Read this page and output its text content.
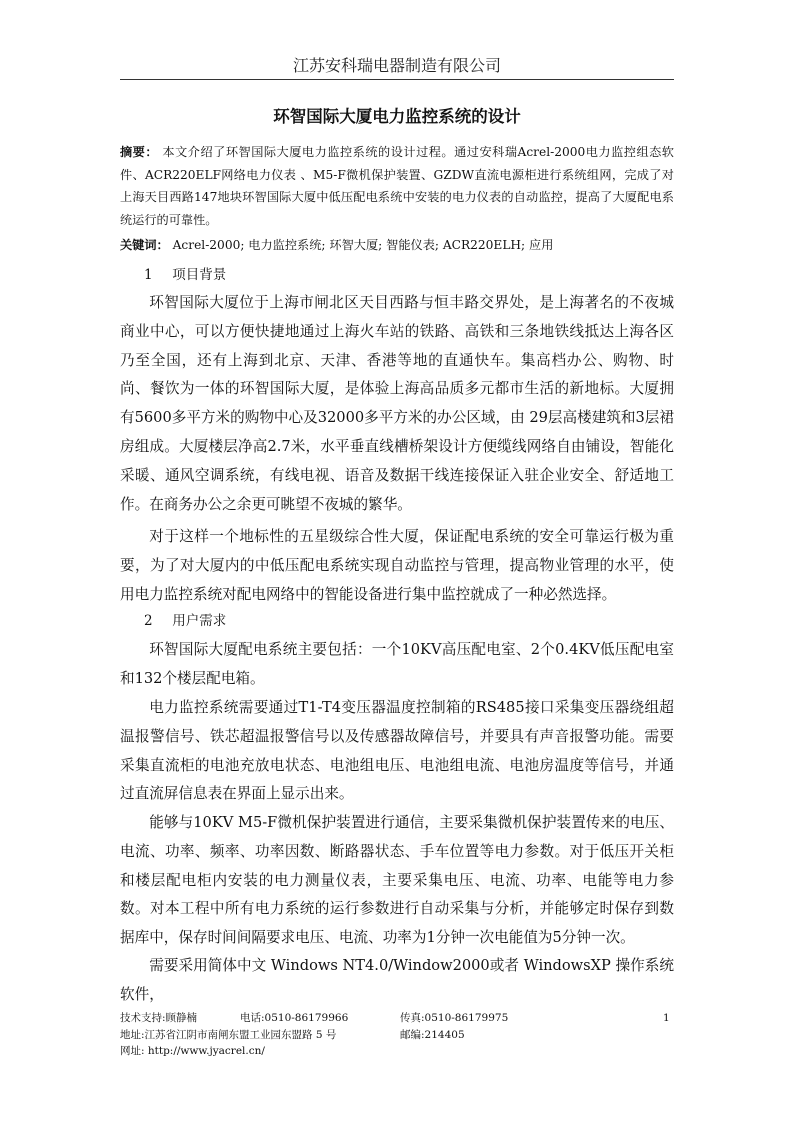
江苏安科瑞电器制造有限公司
环智国际大厦电力监控系统的设计
摘要： 本文介绍了环智国际大厦电力监控系统的设计过程。通过安科瑞Acrel-2000电力监控组态软件、ACR220ELF网络电力仪表 、M5-F微机保护装置、GZDW直流电源柜进行系统组网，完成了对上海天目西路147地块环智国际大厦中低压配电系统中安装的电力仪表的自动监控，提高了大厦配电系统运行的可靠性。
关键词： Acrel-2000; 电力监控系统; 环智大厦; 智能仪表; ACR220ELH; 应用
1 项目背景

环智国际大厦位于上海市闸北区天目西路与恒丰路交界处，是上海著名的不夜城商业中心，可以方便快捷地通过上海火车站的铁路、高铁和三条地铁线抵达上海各区乃至全国，还有上海到北京、天津、香港等地的直通快车。集高档办公、购物、时尚、餐饮为一体的环智国际大厦，是体验上海高品质多元都市生活的新地标。大厦拥有5600多平方米的购物中心及32000多平方米的办公区域，由 29层高楼建筑和3层裙房组成。大厦楼层净高2.7米，水平垂直线槽桥架设计方便缆线网络自由铺设，智能化采暖、通风空调系统，有线电视、语音及数据干线连接保证入驻企业安全、舒适地工作。在商务办公之余更可眺望不夜城的繁华。

对于这样一个地标性的五星级综合性大厦，保证配电系统的安全可靠运行极为重要，为了对大厦内的中低压配电系统实现自动监控与管理，提高物业管理的水平，使用电力监控系统对配电网络中的智能设备进行集中监控就成了一种必然选择。

2 用户需求

环智国际大厦配电系统主要包括：一个10KV高压配电室、2个0.4KV低压配电室和132个楼层配电箱。

电力监控系统需要通过T1-T4变压器温度控制箱的RS485接口采集变压器绕组超温报警信号、铁芯超温报警信号以及传感器故障信号，并要具有声音报警功能。需要采集直流柜的电池充放电状态、电池组电压、电池组电流、电池房温度等信号，并通过直流屏信息表在界面上显示出来。

能够与10KV M5-F微机保护装置进行通信，主要采集微机保护装置传来的电压、电流、功率、频率、功率因数、断路器状态、手车位置等电力参数。对于低压开关柜和楼层配电柜内安装的电力测量仪表，主要采集电压、电流、功率、电能等电力参数。对本工程中所有电力系统的运行参数进行自动采集与分析，并能够定时保存到数据库中，保存时间间隔要求电压、电流、功率为1分钟一次电能值为5分钟一次。

需要采用简体中文 Windows NT4.0/Window2000或者 WindowsXP 操作系统软件，

技术支持:顾静楠	电话:0510-86179966	传真:0510-86179975	1
地址:江苏省江阴市南闸东盟工业园东盟路 5 号	邮编:214405
网址: http://www.jyacrel.cn/
